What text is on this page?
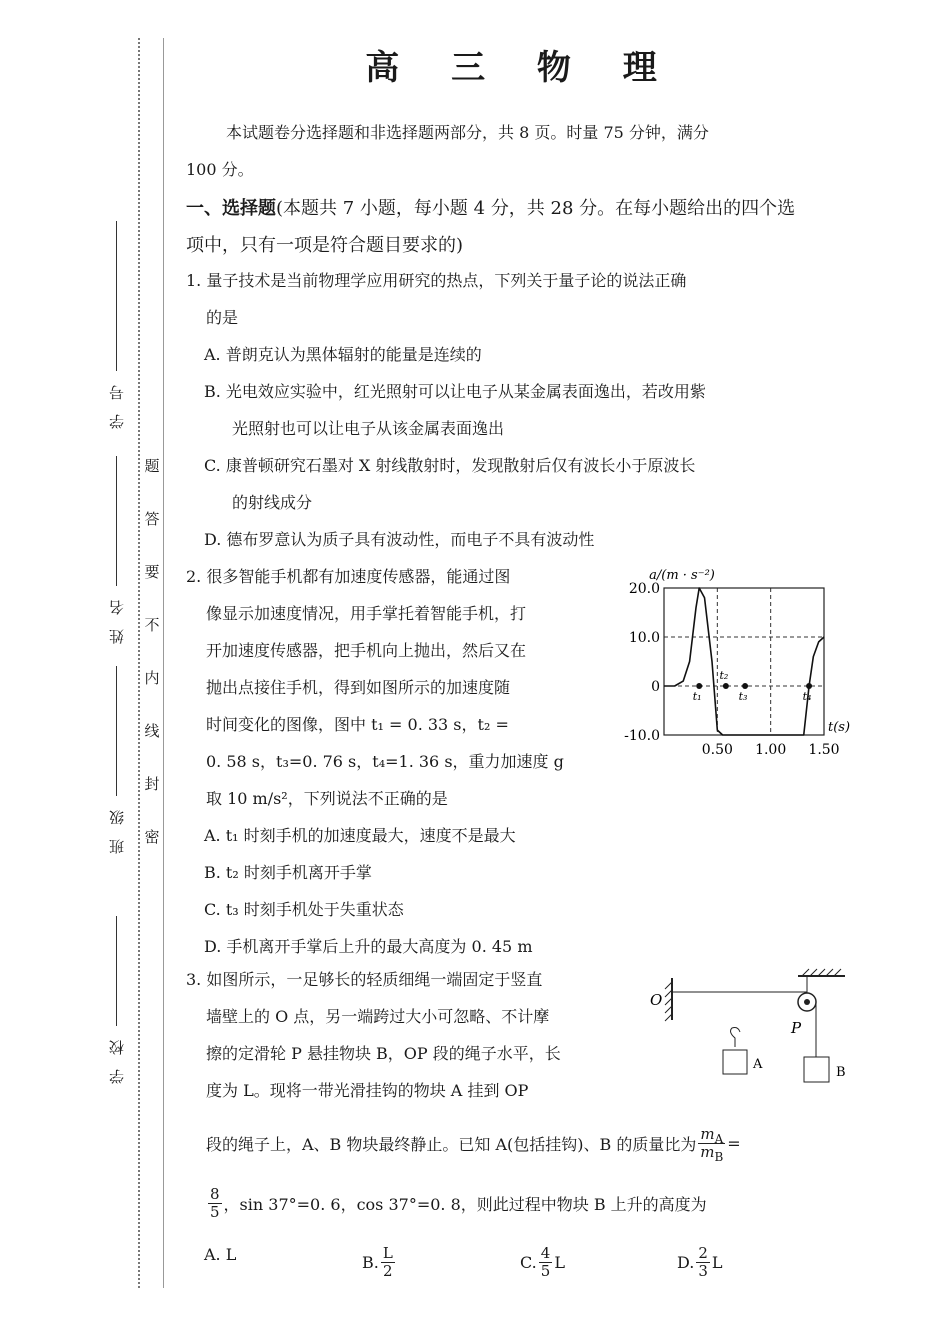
学号
姓名
班级
学校
题
答
要
不
内
线
封
密
高 三 物 理
本试题卷分选择题和非选择题两部分，共 8 页。时量 75 分钟，满分
100 分。
一、选择题(本题共 7 小题，每小题 4 分，共 28 分。在每小题给出的四个选
项中，只有一项是符合题目要求的)
1. 量子技术是当前物理学应用研究的热点，下列关于量子论的说法正确
的是
A. 普朗克认为黑体辐射的能量是连续的
B. 光电效应实验中，红光照射可以让电子从某金属表面逸出，若改用紫
光照射也可以让电子从该金属表面逸出
C. 康普顿研究石墨对 X 射线散射时，发现散射后仅有波长小于原波长
的射线成分
D. 德布罗意认为质子具有波动性，而电子不具有波动性
2. 很多智能手机都有加速度传感器，能通过图
像显示加速度情况，用手掌托着智能手机，打
开加速度传感器，把手机向上抛出，然后又在
抛出点接住手机，得到如图所示的加速度随
时间变化的图像，图中 t₁ = 0. 33 s，t₂ =
0. 58 s，t₃=0. 76 s，t₄=1. 36 s，重力加速度 g
取 10 m/s²，下列说法不正确的是
A. t₁ 时刻手机的加速度最大，速度不是最大
B. t₂ 时刻手机离开手掌
C. t₃ 时刻手机处于失重状态
D. 手机离开手掌后上升的最大高度为 0. 45 m
20.0
10.0
0
-10.0
0.50 1.00 1.50
a/(m · s⁻²)
t(s)
t₁
t₂
t₃	t₄
3. 如图所示，一足够长的轻质细绳一端固定于竖直
墙壁上的 O 点，另一端跨过大小可忽略、不计摩
擦的定滑轮 P 悬挂物块 B，OP 段的绳子水平，长
度为 L。现将一带光滑挂钩的物块 A 挂到 OP
段的绳子上，A、B 物块最终静止。已知 A(包括挂钩)、B 的质量比为 $\frac{m_A}{m_B}$ =
$\frac{8}{5}$ ，sin 37°=0. 6，cos 37°=0. 8，则此过程中物块 B 上升的高度为
A. L	B. $\frac{L}{2}$	C. $\frac{4}{5}$ L	D. $\frac{2}{3}$ L
B
A
O
P
